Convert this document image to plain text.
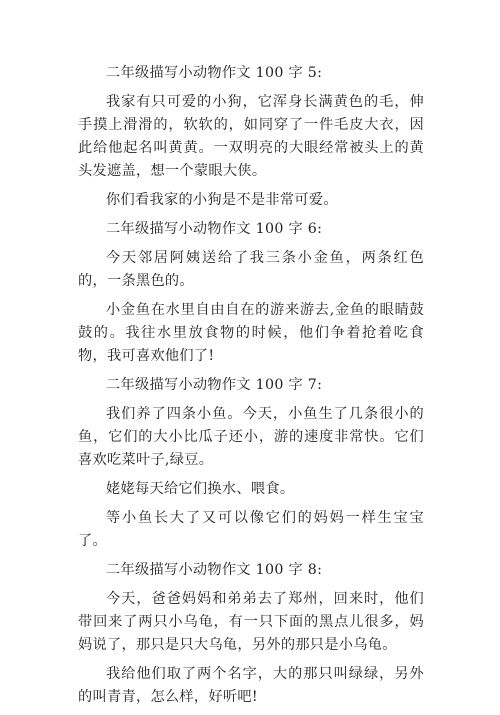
二年级描写小动物作文 100 字 5:

我家有只可爱的小狗，它浑身长满黄色的毛，伸手摸上滑滑的，软软的，如同穿了一件毛皮大衣，因此给他起名叫黄黄。一双明亮的大眼经常被头上的黄头发遮盖，想一个蒙眼大侠。

你们看我家的小狗是不是非常可爱。

二年级描写小动物作文 100 字 6:

今天邻居阿姨送给了我三条小金鱼，两条红色的，一条黑色的。

小金鱼在水里自由自在的游来游去,金鱼的眼睛鼓鼓的。我往水里放食物的时候，他们争着抢着吃食物，我可喜欢他们了!

二年级描写小动物作文 100 字 7:

我们养了四条小鱼。今天，小鱼生了几条很小的鱼，它们的大小比瓜子还小，游的速度非常快。它们喜欢吃菜叶子,绿豆。

姥姥每天给它们换水、喂食。

等小鱼长大了又可以像它们的妈妈一样生宝宝了。

二年级描写小动物作文 100 字 8:

今天，爸爸妈妈和弟弟去了郑州，回来时，他们带回来了两只小乌龟，有一只下面的黑点儿很多，妈妈说了，那只是只大乌龟，另外的那只是小乌龟。

我给他们取了两个名字，大的那只叫绿绿，另外的叫青青，怎么样，好听吧!
